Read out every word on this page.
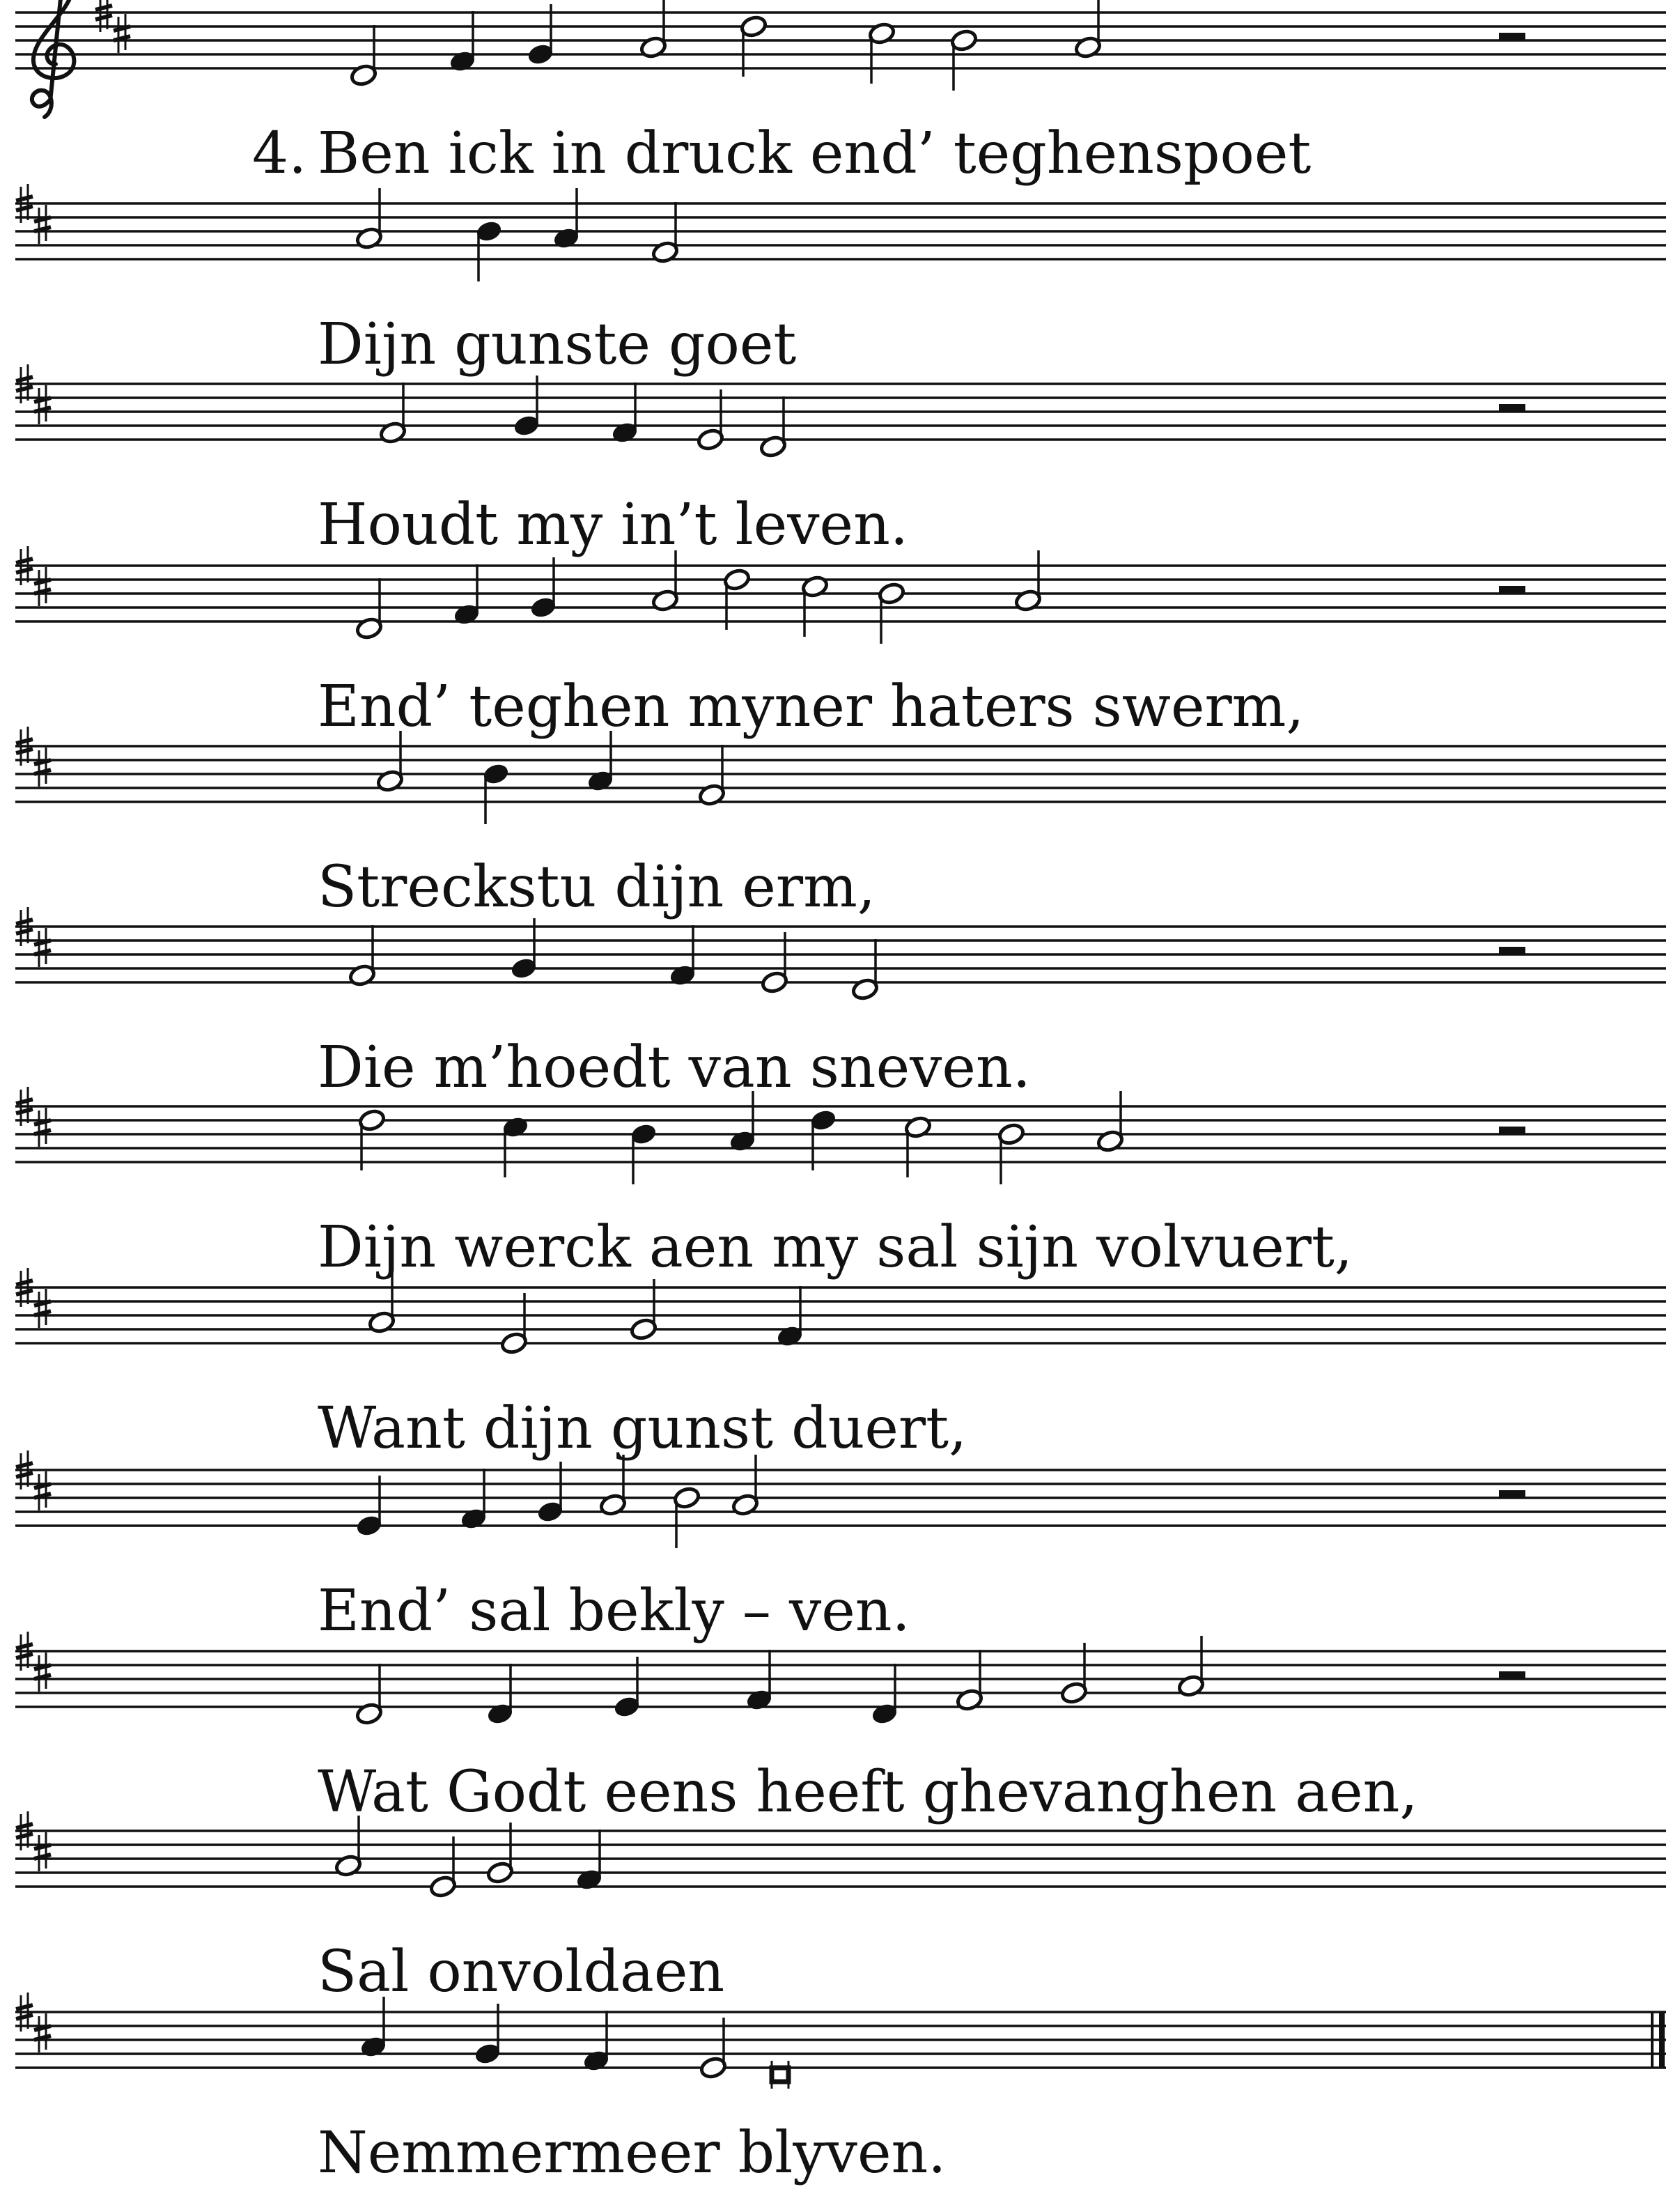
4. Ben ick in druck end’ teghenspoet
Dijn gunste goet
Houdt my in’t leven.
End’ teghen myner haters swerm,
Streckstu dijn erm,
Die m’hoedt van sneven.
Dijn werck aen my sal sijn volvuert,
Want dijn gunst duert,
End’ sal bekly – ven.
Wat Godt eens heeft ghevanghen aen,
Sal onvoldaen
Nemmermeer blyven.
